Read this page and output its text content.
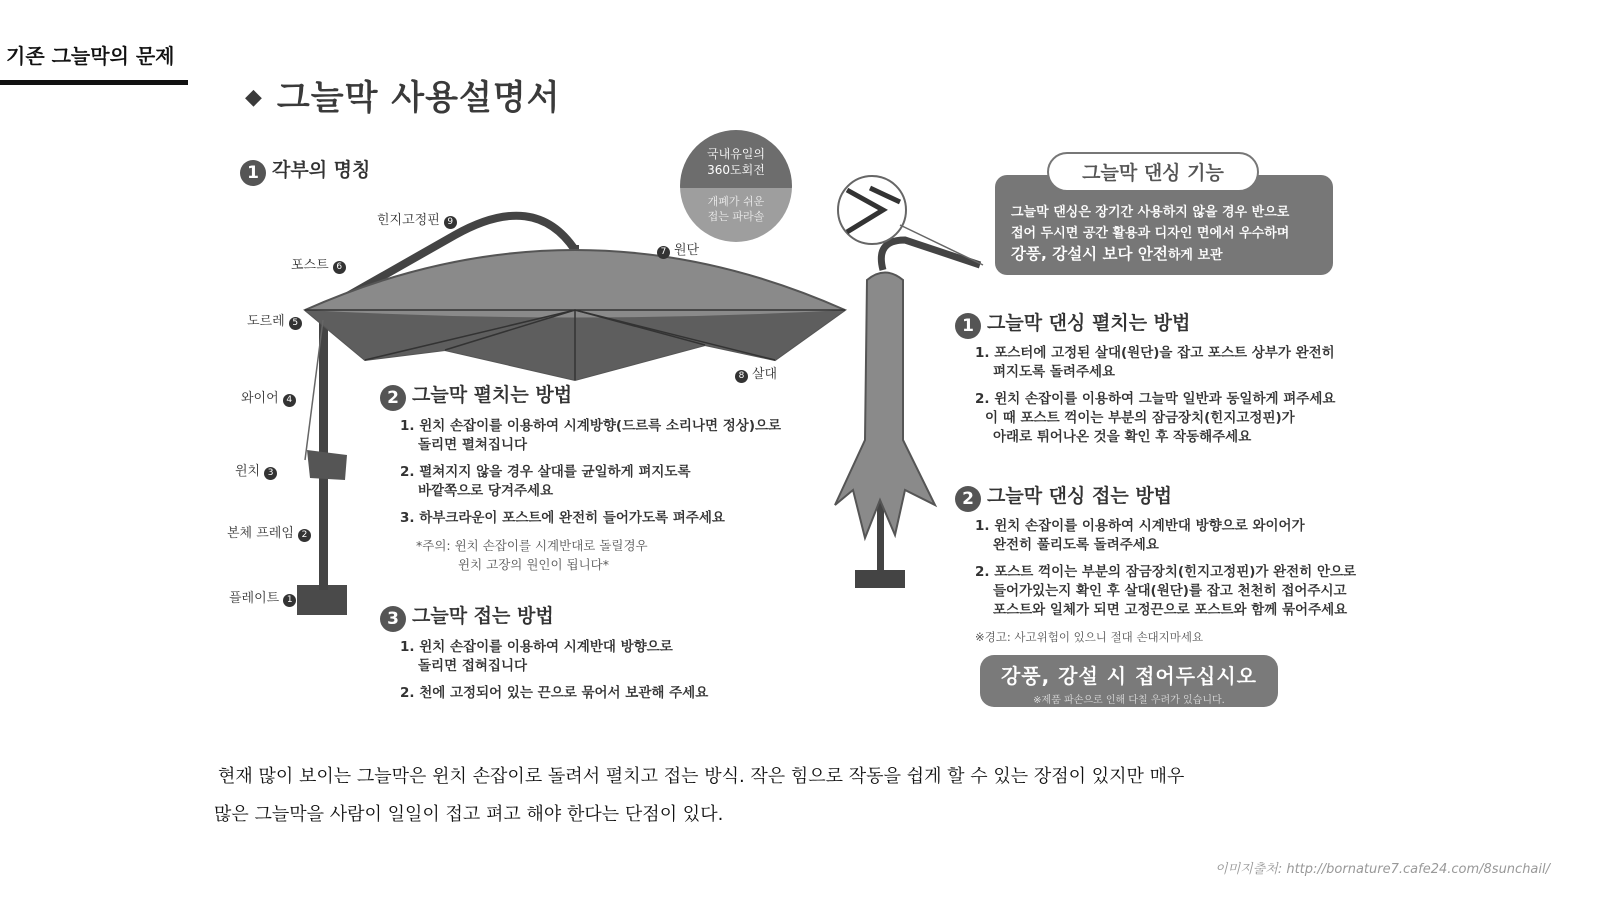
기존 그늘막의 문제
◆ 그늘막 사용설명서
1 각부의 명칭
힌지고정핀 9
포스트 6
도르레 5
와이어 4
윈치 3
본체 프레임 2
플레이트 1
7 원단
8 살대
국내유일의
360도회전
개폐가 쉬운
접는 파라솔
2 그늘막 펼치는 방법
1. 윈치 손잡이를 이용하여 시계방향(드르륵 소리나면 정상)으로
돌리면 펼쳐집니다
2. 펼쳐지지 않을 경우 살대를 균일하게 펴지도록
바깥쪽으로 당겨주세요
3. 하부크라운이 포스트에 완전히 들어가도록 펴주세요
*주의: 윈치 손잡이를 시계반대로 돌릴경우
윈치 고장의 원인이 됩니다*
3 그늘막 접는 방법
1. 윈치 손잡이를 이용하여 시계반대 방향으로
돌리면 접혀집니다
2. 천에 고정되어 있는 끈으로 묶어서 보관해 주세요
그늘막 댄싱은 장기간 사용하지 않을 경우 반으로
접어 두시면 공간 활용과 디자인 면에서 우수하며
강풍, 강설시 보다 안전하게 보관
그늘막 댄싱 기능
1 그늘막 댄싱 펼치는 방법
1. 포스터에 고정된 살대(원단)을 잡고 포스트 상부가 완전히
펴지도록 돌려주세요
2. 윈치 손잡이를 이용하여 그늘막 일반과 동일하게 펴주세요
이 때 포스트 꺽이는 부분의 잠금장치(힌지고정핀)가
아래로 튀어나온 것을 확인 후 작동해주세요
2 그늘막 댄싱 접는 방법
1. 윈치 손잡이를 이용하여 시계반대 방향으로 와이어가
완전히 풀리도록 돌려주세요
2. 포스트 꺽이는 부분의 잠금장치(힌지고정핀)가 완전히 안으로
들어가있는지 확인 후 살대(원단)를 잡고 천천히 접어주시고
포스트와 일체가 되면 고정끈으로 포스트와 함께 묶어주세요
※경고: 사고위험이 있으니 절대 손대지마세요
강풍, 강설 시 접어두십시오
※제품 파손으로 인해 다칠 우려가 있습니다.
현재 많이 보이는 그늘막은 윈치 손잡이로 돌려서 펼치고 접는 방식. 작은 힘으로 작동을 쉽게 할 수 있는 장점이 있지만 매우
많은 그늘막을 사람이 일일이 접고 펴고 해야 한다는 단점이 있다.
이미지출처: http://bornature7.cafe24.com/8sunchail/
